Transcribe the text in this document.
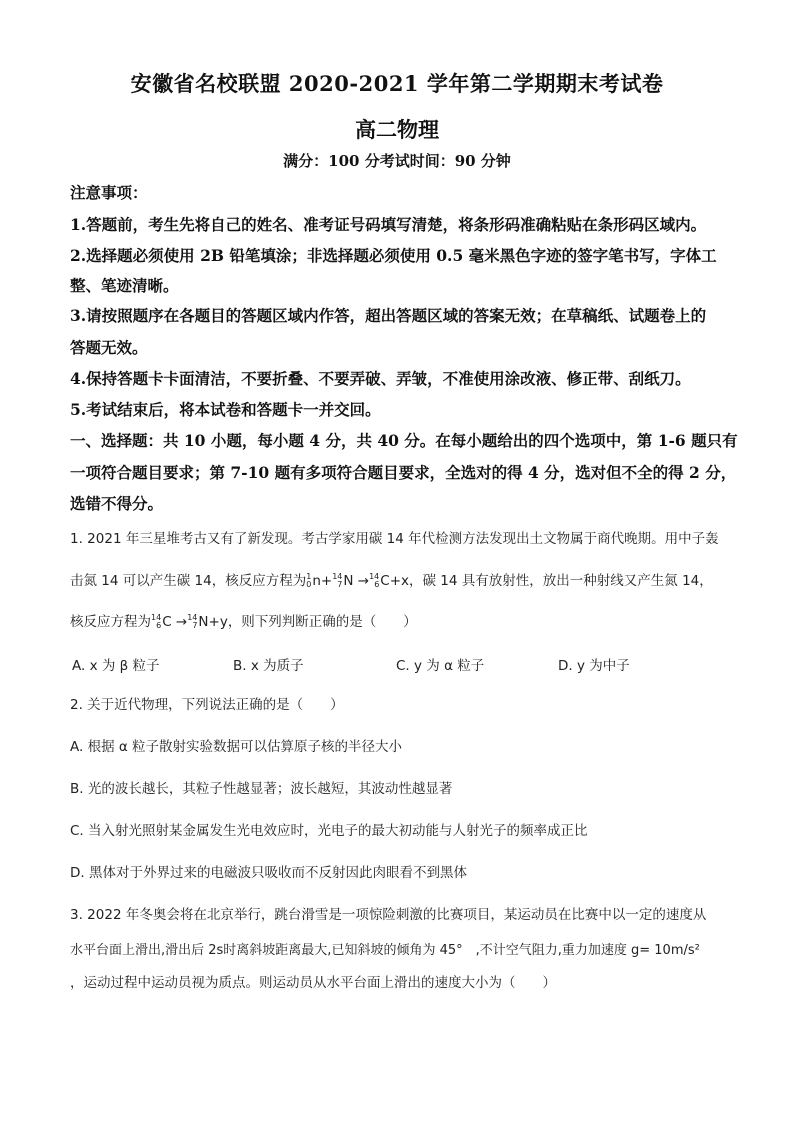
安徽省名校联盟 2020-2021 学年第二学期期末考试卷
高二物理
满分：100 分考试时间：90 分钟
注意事项：
1.答题前，考生先将自己的姓名、准考证号码填写清楚，将条形码准确粘贴在条形码区域内。
2.选择题必须使用 2B 铅笔填涂；非选择题必须使用 0.5 毫米黑色字迹的签字笔书写，字体工
整、笔迹清晰。
3.请按照题序在各题目的答题区域内作答，超出答题区域的答案无效；在草稿纸、试题卷上的
答题无效。
4.保持答题卡卡面清洁，不要折叠、不要弄破、弄皱，不准使用涂改液、修正带、刮纸刀。
5.考试结束后，将本试卷和答题卡一并交回。
一、选择题：共 10 小题，每小题 4 分，共 40 分。在每小题给出的四个选项中，第 1-6 题只有
一项符合题目要求；第 7-10 题有多项符合题目要求，全选对的得 4 分，选对但不全的得 2 分，
选错不得分。
1. 2021 年三星堆考古又有了新发现。考古学家用碳 14 年代检测方法发现出土文物属于商代晚期。用中子轰
击氮 14 可以产生碳 14，核反应方程为 1
0 n+ 14
7 N → 14
6 C+x，碳 14 具有放射性，放出一种射线又产生氮 14，
核反应方程为 14
6 C → 14
7 N+y，则下列判断正确的是（　　）
A. x 为 β 粒子	B. x 为质子	C. y 为 α 粒子	D. y 为中子
2. 关于近代物理，下列说法正确的是（　　）
A. 根据 α 粒子散射实验数据可以估算原子核的半径大小
B. 光的波长越长，其粒子性越显著；波长越短，其波动性越显著
C. 当入射光照射某金属发生光电效应时，光电子的最大初动能与人射光子的频率成正比
D. 黑体对于外界过来的电磁波只吸收而不反射因此肉眼看不到黑体
3. 2022 年冬奥会将在北京举行，跳台滑雪是一项惊险刺激的比赛项目，某运动员在比赛中以一定的速度从
水平台面上滑出,滑出后 2s时离斜坡距离最大,已知斜坡的倾角为 45°　,不计空气阻力,重力加速度 g= 10m/s²
，运动过程中运动员视为质点。则运动员从水平台面上滑出的速度大小为（　　）
